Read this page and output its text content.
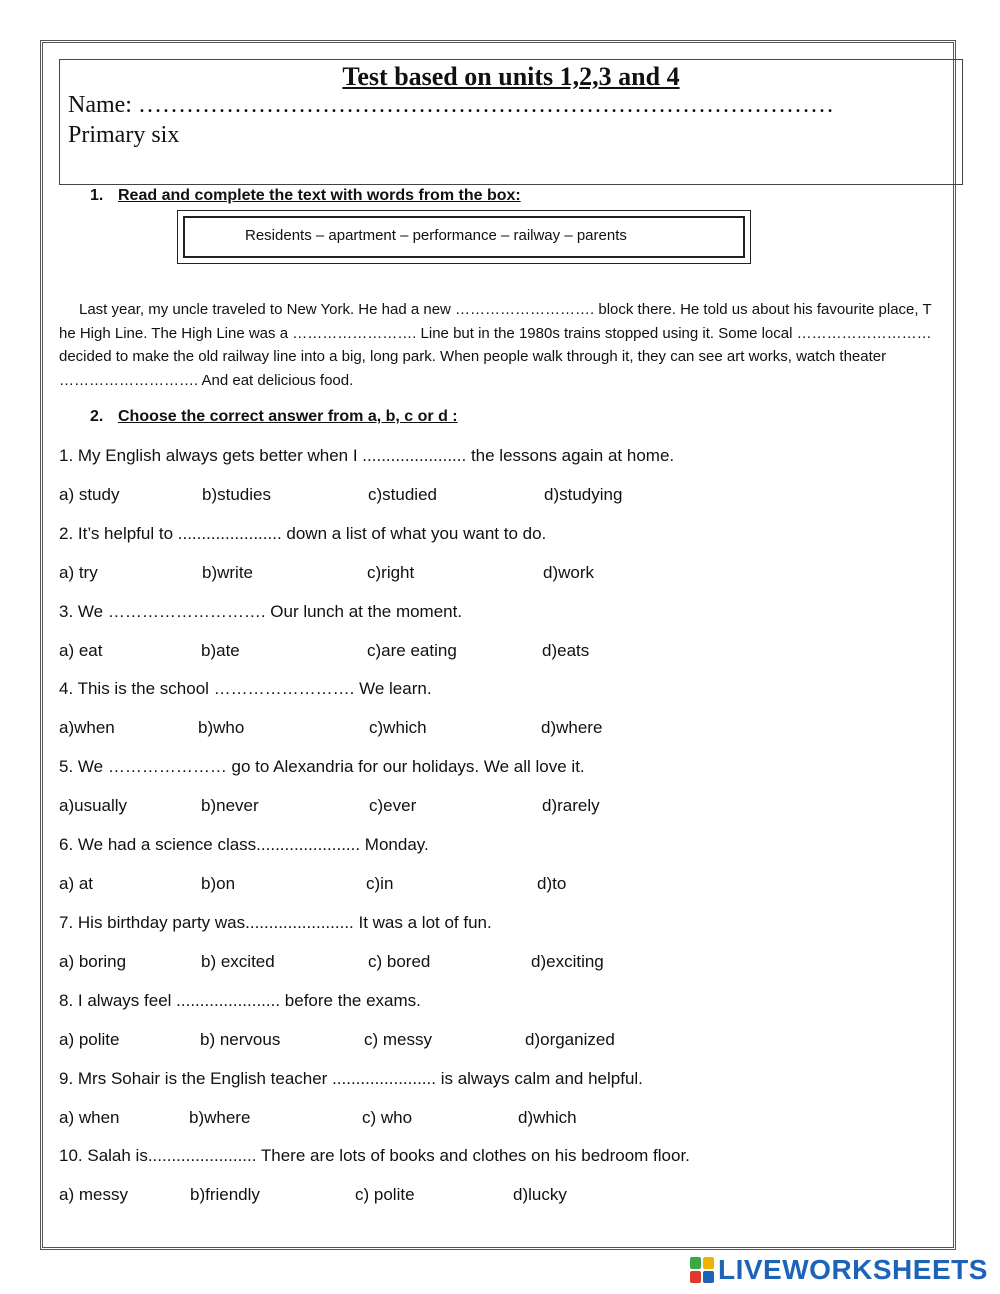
Test based on units 1,2,3 and 4
Name: ……………………………………………………………………………
Primary six
1. Read and complete the text with words from the box:
Residents – apartment – performance – railway – parents
Last year, my uncle traveled to New York. He had a new ………………………. block there. He told us about his favourite place, T he High Line. The High Line was a ……………………. Line but in the 1980s trains stopped using it. Some local ……………………… decided to make the old railway line into a big, long park. When people walk through it, they can see art works, watch theater ………………………. And eat delicious food.
2. Choose the correct answer from a, b, c or d :
1. My English always gets better when I ...................... the lessons again at home.
a) study	b)studies	c)studied	d)studying
2. It’s helpful to ...................... down a list of what you want to do.
a) try	b)write	c)right	d)work
3. We ………………………. Our lunch at the moment.
a) eat	b)ate	c)are eating	d)eats
4. This is the school ……………………. We learn.
a)when	b)who	c)which	d)where
5. We ………………… go to Alexandria for our holidays. We all love it.
a)usually	b)never	c)ever	d)rarely
6. We had a science class...................... Monday.
a) at	b)on	c)in	d)to
7. His birthday party was....................... It was a lot of fun.
a) boring	b) excited	c) bored	d)exciting
8. I always feel ...................... before the exams.
a) polite	b) nervous	c) messy	d)organized
9. Mrs Sohair is the English teacher ...................... is always calm and helpful.
a) when	b)where	c) who	d)which
10. Salah is....................... There are lots of books and clothes on his bedroom floor.
a) messy	b)friendly	c) polite	d)lucky
LIVEWORKSHEETS
